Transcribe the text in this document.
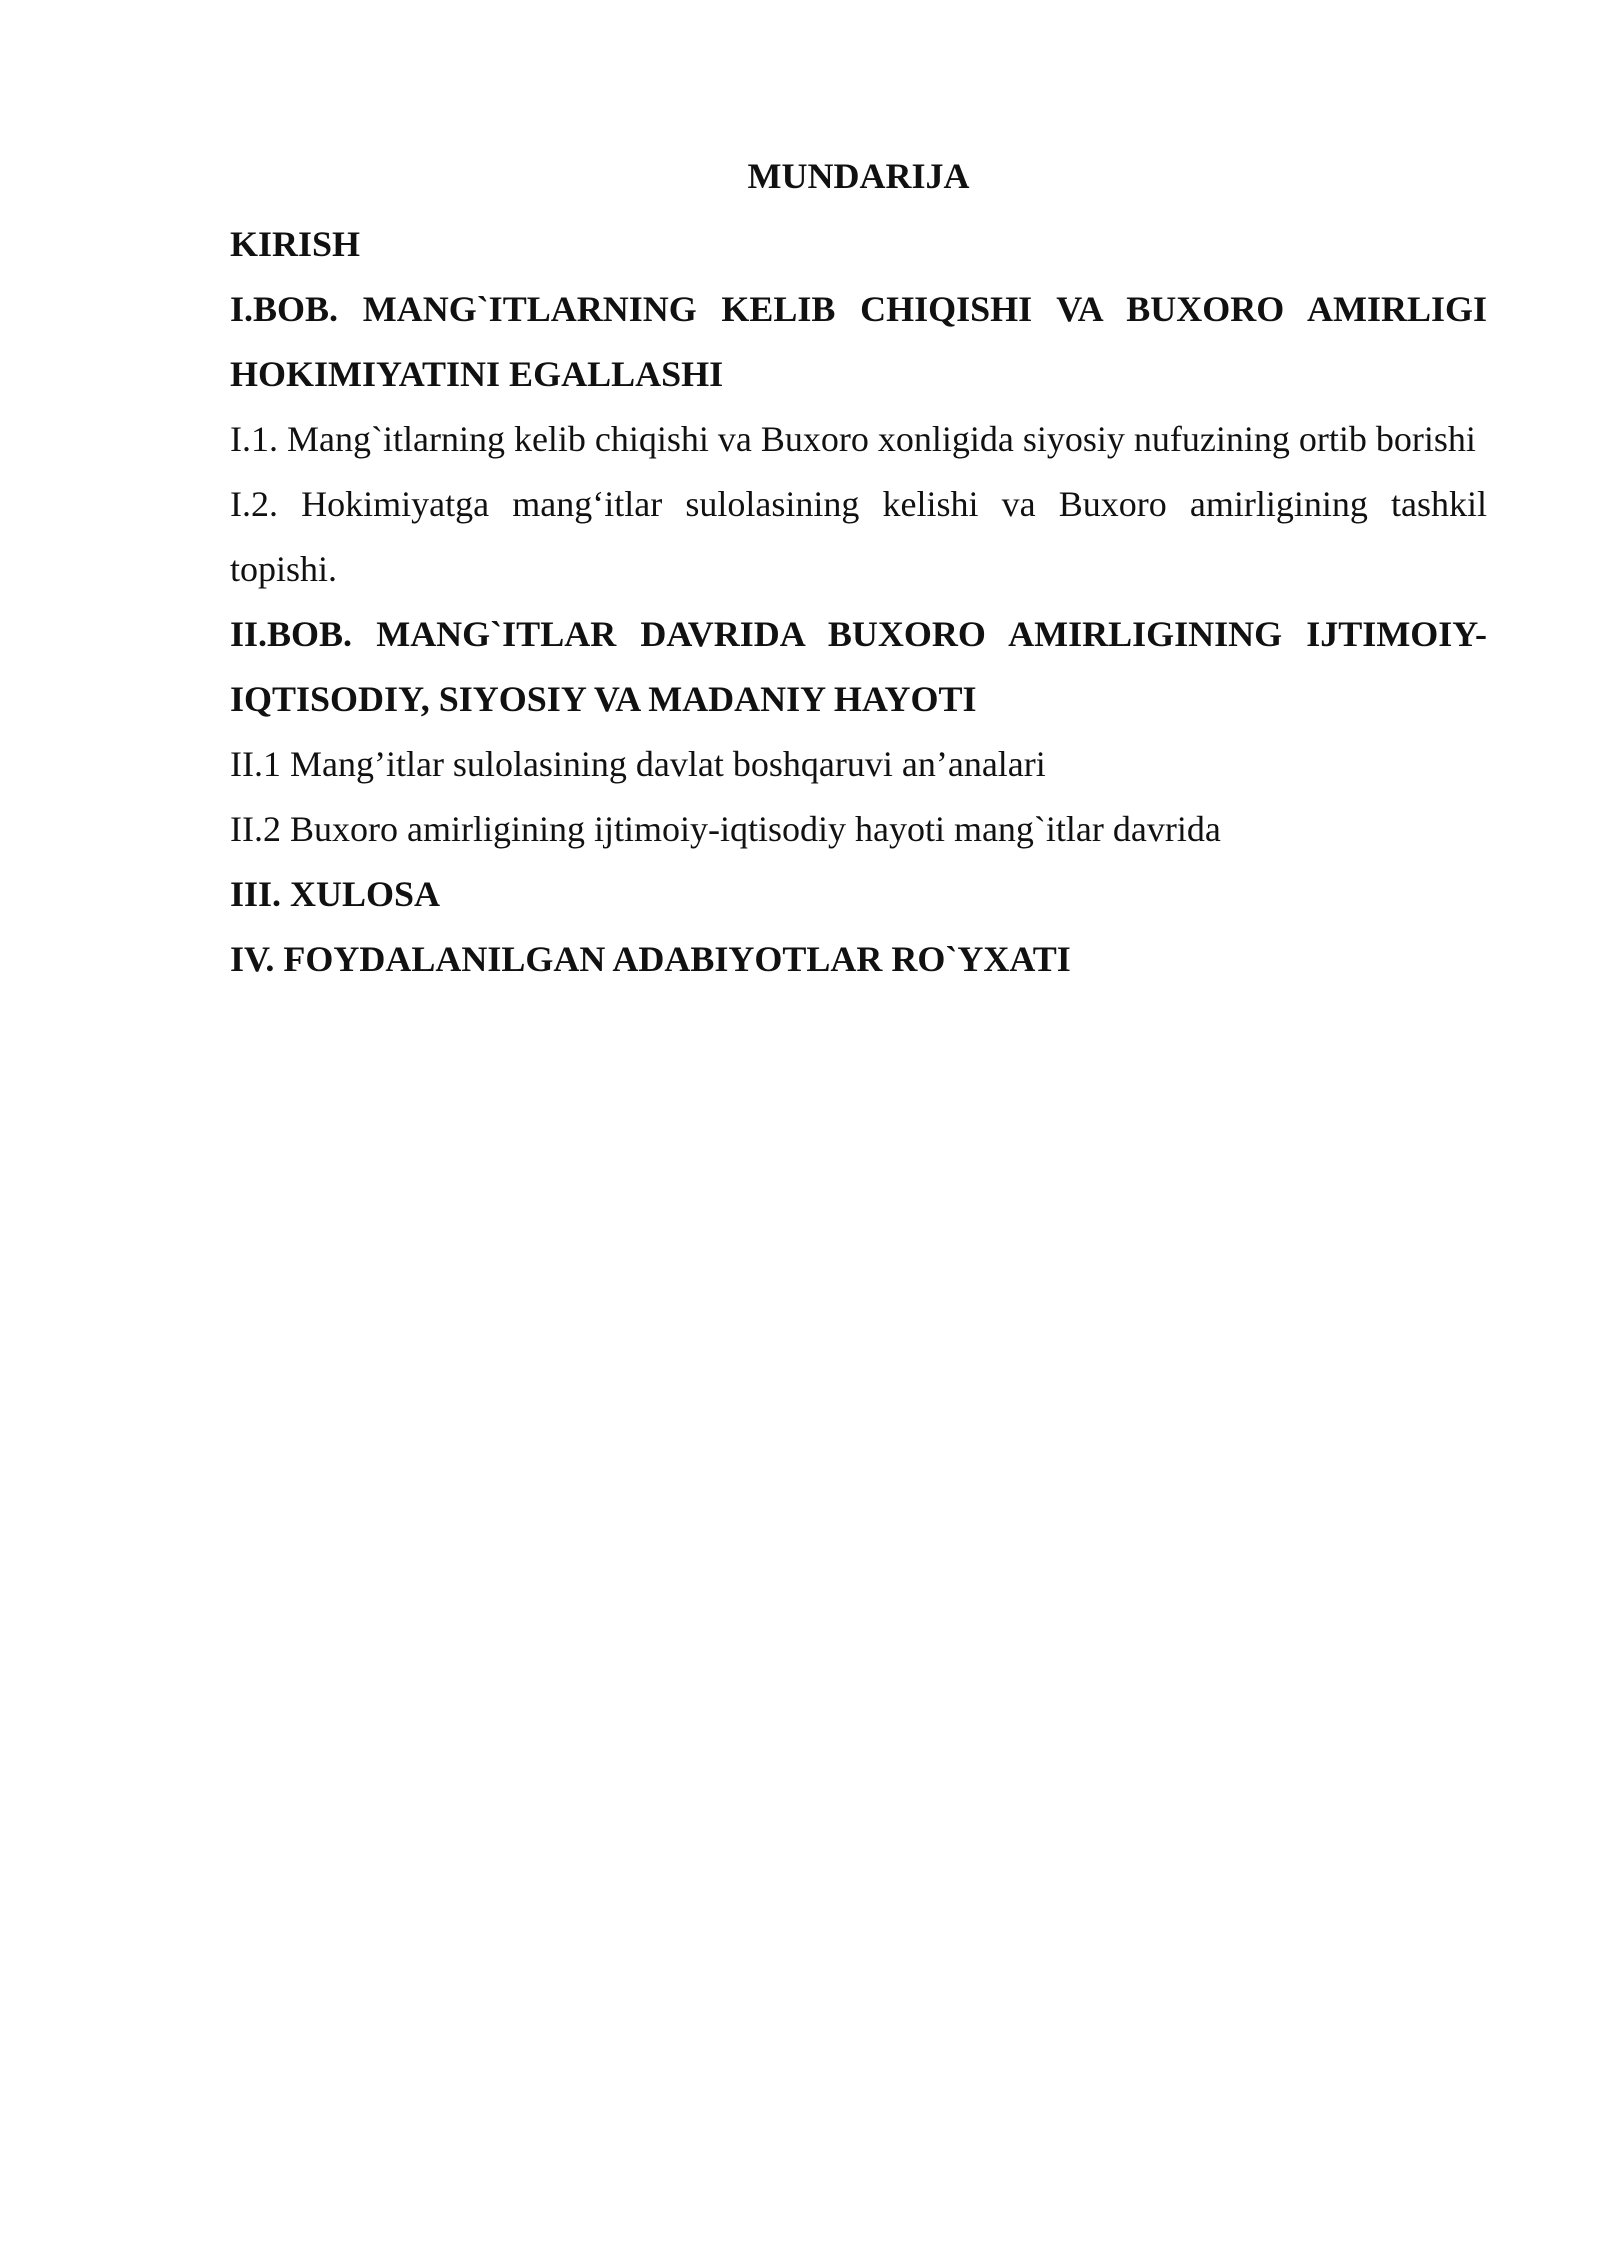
MUNDARIJA

KIRISH

I.BOB. MANG`ITLARNING KELIB CHIQISHI VA BUXORO AMIRLIGI HOKIMIYATINI EGALLASHI

I.1. Mang`itlarning kelib chiqishi va Buxoro xonligida siyosiy nufuzining ortib borishi

I.2. Hokimiyatga mang‘itlar sulolasining kelishi va Buxoro amirligining tashkil topishi.

II.BOB. MANG`ITLAR DAVRIDA BUXORO AMIRLIGINING IJTIMOIY-IQTISODIY, SIYOSIY VA MADANIY HAYOTI

II.1 Mang’itlar sulolasining davlat boshqaruvi an’analari

II.2 Buxoro amirligining ijtimoiy-iqtisodiy hayoti mang`itlar davrida

III. XULOSA

IV. FOYDALANILGAN ADABIYOTLAR RO`YXATI
